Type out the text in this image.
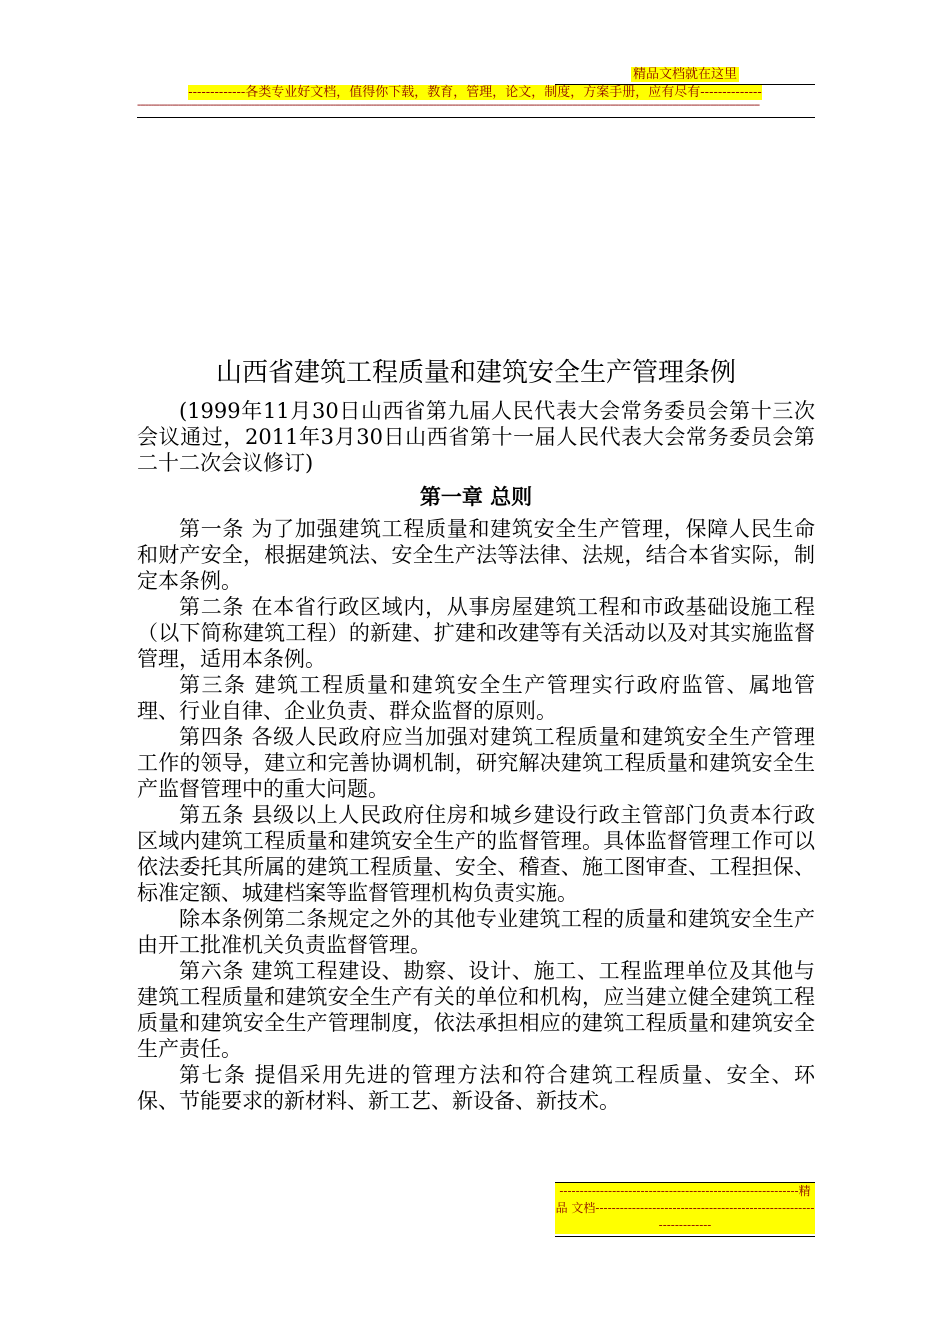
精品文档就在这里
-------------各类专业好文档，值得你下载，教育，管理，论文，制度，方案手册，应有尽有--------------
-------------------------------------------------------------------------------------------------------------------------------------------------------------------------------------------------------------------------------------
山西省建筑工程质量和建筑安全生产管理条例
(1999年11月30日山西省第九届人民代表大会常务委员会第十三次会议通过，2011年3月30日山西省第十一届人民代表大会常务委员会第二十二次会议修订)
第一章 总则

第一条 为了加强建筑工程质量和建筑安全生产管理，保障人民生命和财产安全，根据建筑法、安全生产法等法律、法规，结合本省实际，制定本条例。

第二条 在本省行政区域内，从事房屋建筑工程和市政基础设施工程（以下简称建筑工程）的新建、扩建和改建等有关活动以及对其实施监督管理，适用本条例。

第三条 建筑工程质量和建筑安全生产管理实行政府监管、属地管理、行业自律、企业负责、群众监督的原则。

第四条 各级人民政府应当加强对建筑工程质量和建筑安全生产管理工作的领导，建立和完善协调机制，研究解决建筑工程质量和建筑安全生产监督管理中的重大问题。

第五条 县级以上人民政府住房和城乡建设行政主管部门负责本行政区域内建筑工程质量和建筑安全生产的监督管理。具体监督管理工作可以依法委托其所属的建筑工程质量、安全、稽查、施工图审查、工程担保、标准定额、城建档案等监督管理机构负责实施。

除本条例第二条规定之外的其他专业建筑工程的质量和建筑安全生产由开工批准机关负责监督管理。

第六条 建筑工程建设、勘察、设计、施工、工程监理单位及其他与建筑工程质量和建筑安全生产有关的单位和机构，应当建立健全建筑工程质量和建筑安全生产管理制度，依法承担相应的建筑工程质量和建筑安全生产责任。

第七条 提倡采用先进的管理方法和符合建筑工程质量、安全、环保、节能要求的新材料、新工艺、新设备、新技术。

-----------------------------------------------------------精品 文档-------------------------------------------------------------------
